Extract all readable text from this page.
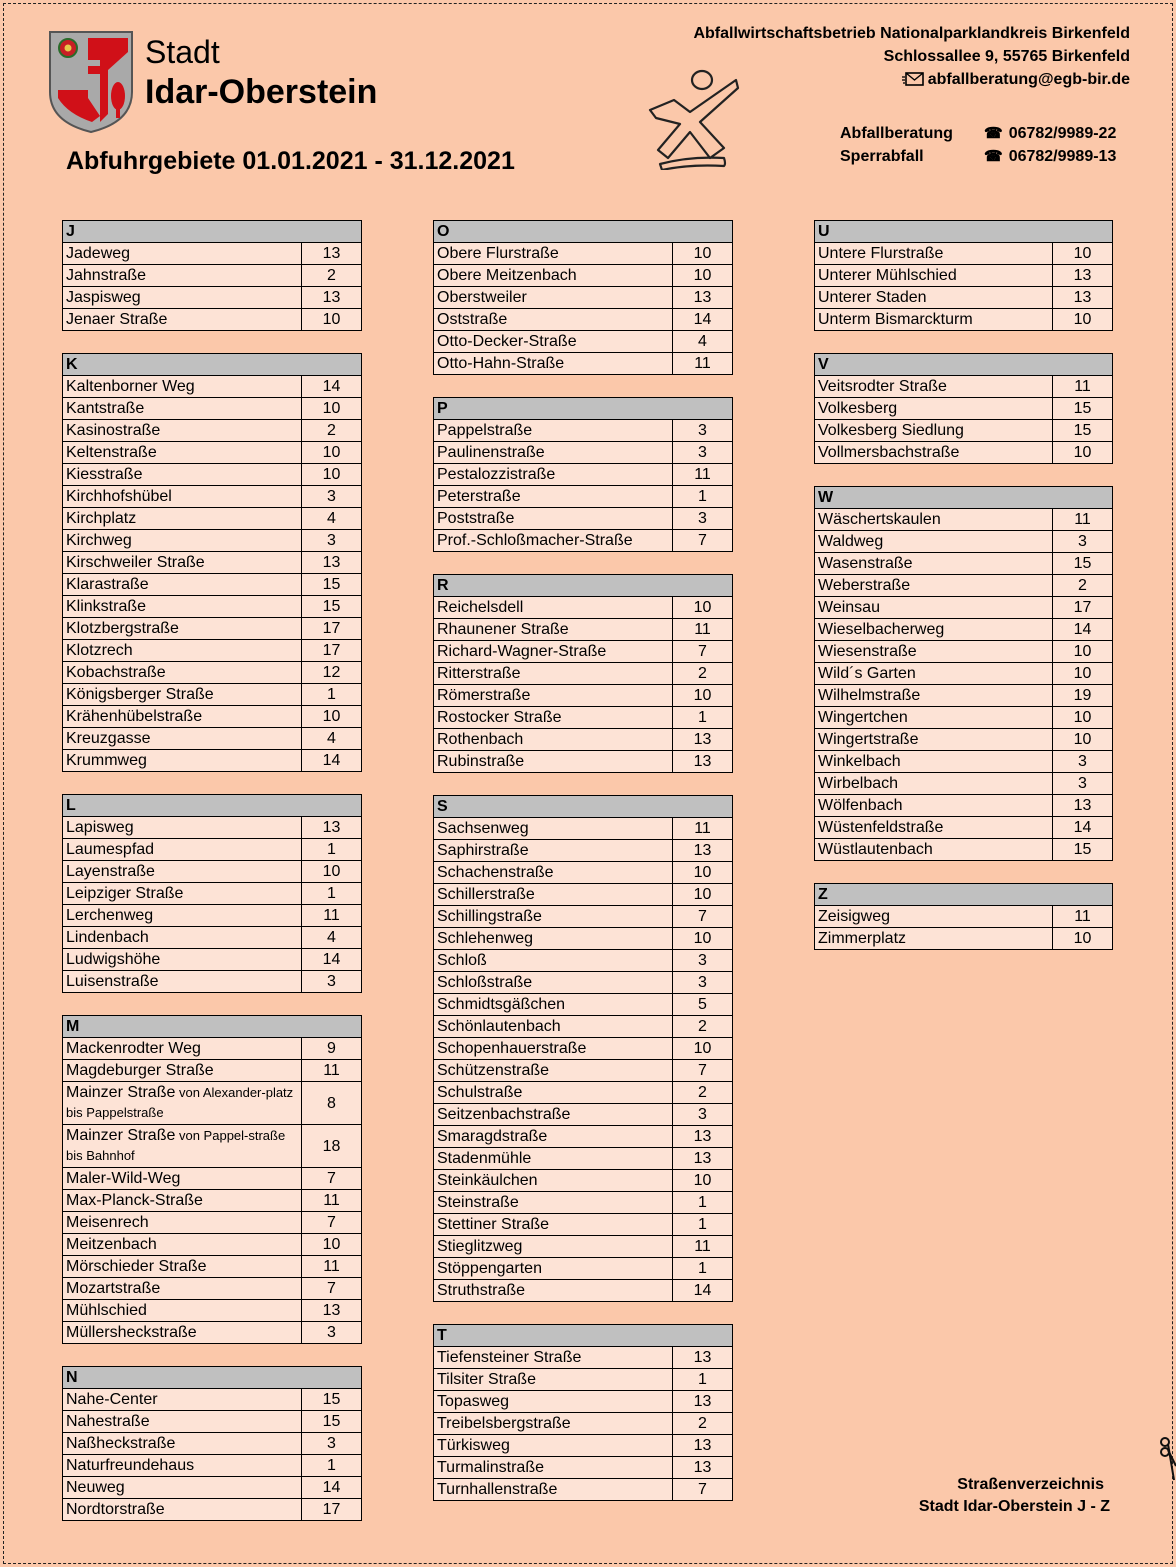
Stadt
Idar-Oberstein
Abfuhrgebiete 01.01.2021 - 31.12.2021
Abfallwirtschaftsbetrieb Nationalparklandkreis Birkenfeld
Schlossallee 9, 55765 Birkenfeld
abfallberatung@egb-bir.de
Abfallberatung	☎ 06782/9989-22
Sperrabfall	☎ 06782/9989-13
J	
Jadeweg	13
Jahnstraße	2
Jaspisweg	13
Jenaer Straße	10
K	
Kaltenborner Weg	14
Kantstraße	10
Kasinostraße	2
Keltenstraße	10
Kiesstraße	10
Kirchhofshübel	3
Kirchplatz	4
Kirchweg	3
Kirschweiler Straße	13
Klarastraße	15
Klinkstraße	15
Klotzbergstraße	17
Klotzrech	17
Kobachstraße	12
Königsberger Straße	1
Krähenhübelstraße	10
Kreuzgasse	4
Krummweg	14
L	
Lapisweg	13
Laumespfad	1
Layenstraße	10
Leipziger Straße	1
Lerchenweg	11
Lindenbach	4
Ludwigshöhe	14
Luisenstraße	3
M	
Mackenrodter Weg	9
Magdeburger Straße	11

Mainzer Straße von Alexander-platz bis Pappelstraße	8

Mainzer Straße von Pappel-straße bis Bahnhof	18
Maler-Wild-Weg	7
Max-Planck-Straße	11
Meisenrech	7
Meitzenbach	10
Mörschieder Straße	11
Mozartstraße	7
Mühlschied	13
Müllersheckstraße	3
N	
Nahe-Center	15
Nahestraße	15
Naßheckstraße	3
Naturfreundehaus	1
Neuweg	14
Nordtorstraße	17
O	
Obere Flurstraße	10
Obere Meitzenbach	10
Oberstweiler	13
Oststraße	14
Otto-Decker-Straße	4
Otto-Hahn-Straße	11
P	
Pappelstraße	3
Paulinenstraße	3
Pestalozzistraße	11
Peterstraße	1
Poststraße	3
Prof.-Schloßmacher-Straße	7
R	
Reichelsdell	10
Rhaunener Straße	11
Richard-Wagner-Straße	7
Ritterstraße	2
Römerstraße	10
Rostocker Straße	1
Rothenbach	13
Rubinstraße	13
S	
Sachsenweg	11
Saphirstraße	13
Schachenstraße	10
Schillerstraße	10
Schillingstraße	7
Schlehenweg	10
Schloß	3
Schloßstraße	3
Schmidtsgäßchen	5
Schönlautenbach	2
Schopenhauerstraße	10
Schützenstraße	7
Schulstraße	2
Seitzenbachstraße	3
Smaragdstraße	13
Stadenmühle	13
Steinkäulchen	10
Steinstraße	1
Stettiner Straße	1
Stieglitzweg	11
Stöppengarten	1
Struthstraße	14
T	
Tiefensteiner Straße	13
Tilsiter Straße	1
Topasweg	13
Treibelsbergstraße	2
Türkisweg	13
Turmalinstraße	13
Turnhallenstraße	7
U	
Untere Flurstraße	10
Unterer Mühlschied	13
Unterer Staden	13
Unterm Bismarckturm	10
V	
Veitsrodter Straße	11
Volkesberg	15
Volkesberg Siedlung	15
Vollmersbachstraße	10
W	
Wäschertskaulen	11
Waldweg	3
Wasenstraße	15
Weberstraße	2
Weinsau	17
Wieselbacherweg	14
Wiesenstraße	10
Wild´s Garten	10
Wilhelmstraße	19
Wingertchen	10
Wingertstraße	10
Winkelbach	3
Wirbelbach	3
Wölfenbach	13
Wüstenfeldstraße	14
Wüstlautenbach	15
Z	
Zeisigweg	11
Zimmerplatz	10
Straßenverzeichnis
Stadt Idar-Oberstein J - Z
